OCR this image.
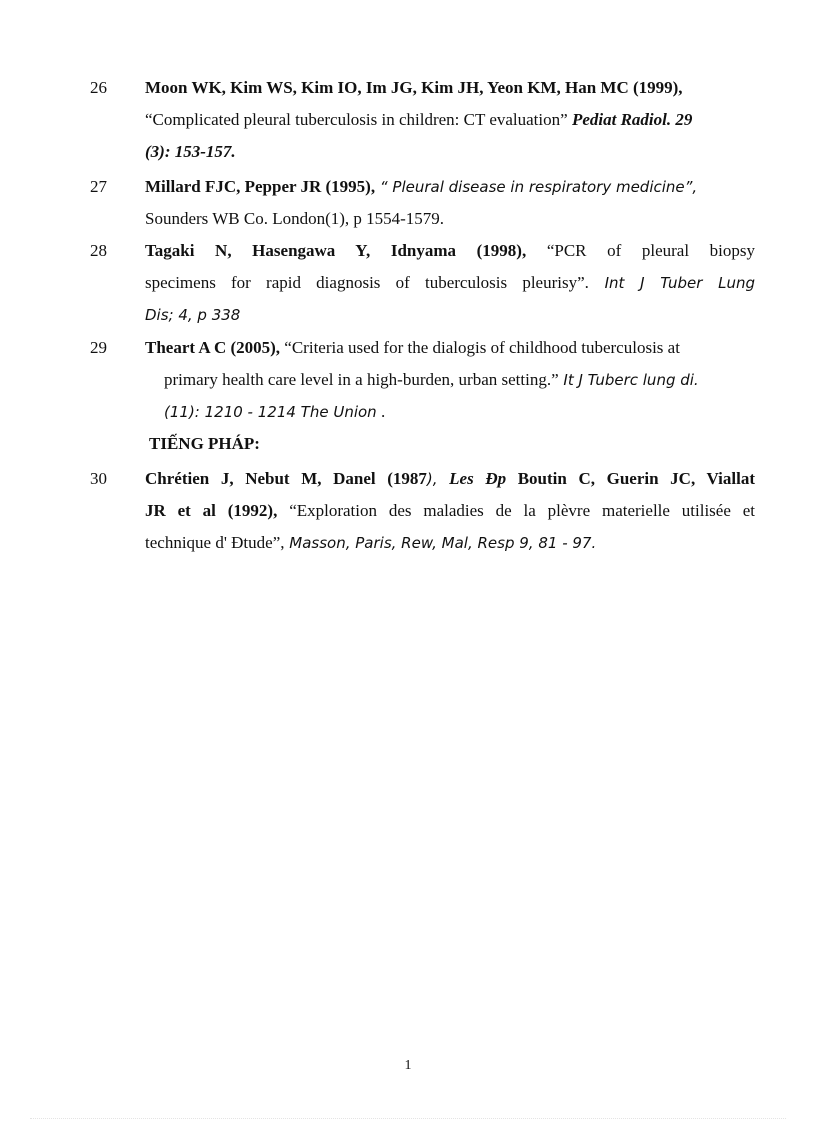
26 Moon WK, Kim WS, Kim IO, Im JG, Kim JH, Yeon KM, Han MC (1999),
“Complicated pleural tuberculosis in children: CT evaluation” Pediat Radiol. 29
(3): 153-157.
27 Millard FJC, Pepper JR (1995), “ Pleural disease in respiratory medicine”,
Sounders WB Co. London(1), p 1554-1579.
28 Tagaki N, Hasengawa Y, Idnyama (1998), “PCR of pleural biopsy
specimens for rapid diagnosis of tuberculosis pleurisy”. Int J Tuber Lung
Dis; 4, p 338
29 Theart A C (2005), “Criteria used for the dialogis of childhood tuberculosis at
primary health care level in a high-burden, urban setting.” It J Tuberc lung di.
(11): 1210 - 1214 The Union .
TIẾNG PHÁP:
30 Chrétien J, Nebut M, Danel (1987), Les Đp Boutin C, Guerin JC, Viallat
JR et al (1992), “Exploration des maladies de la plèvre materielle utilisée et
technique d' Đtude”, Masson, Paris, Rew, Mal, Resp 9, 81 - 97.
1
